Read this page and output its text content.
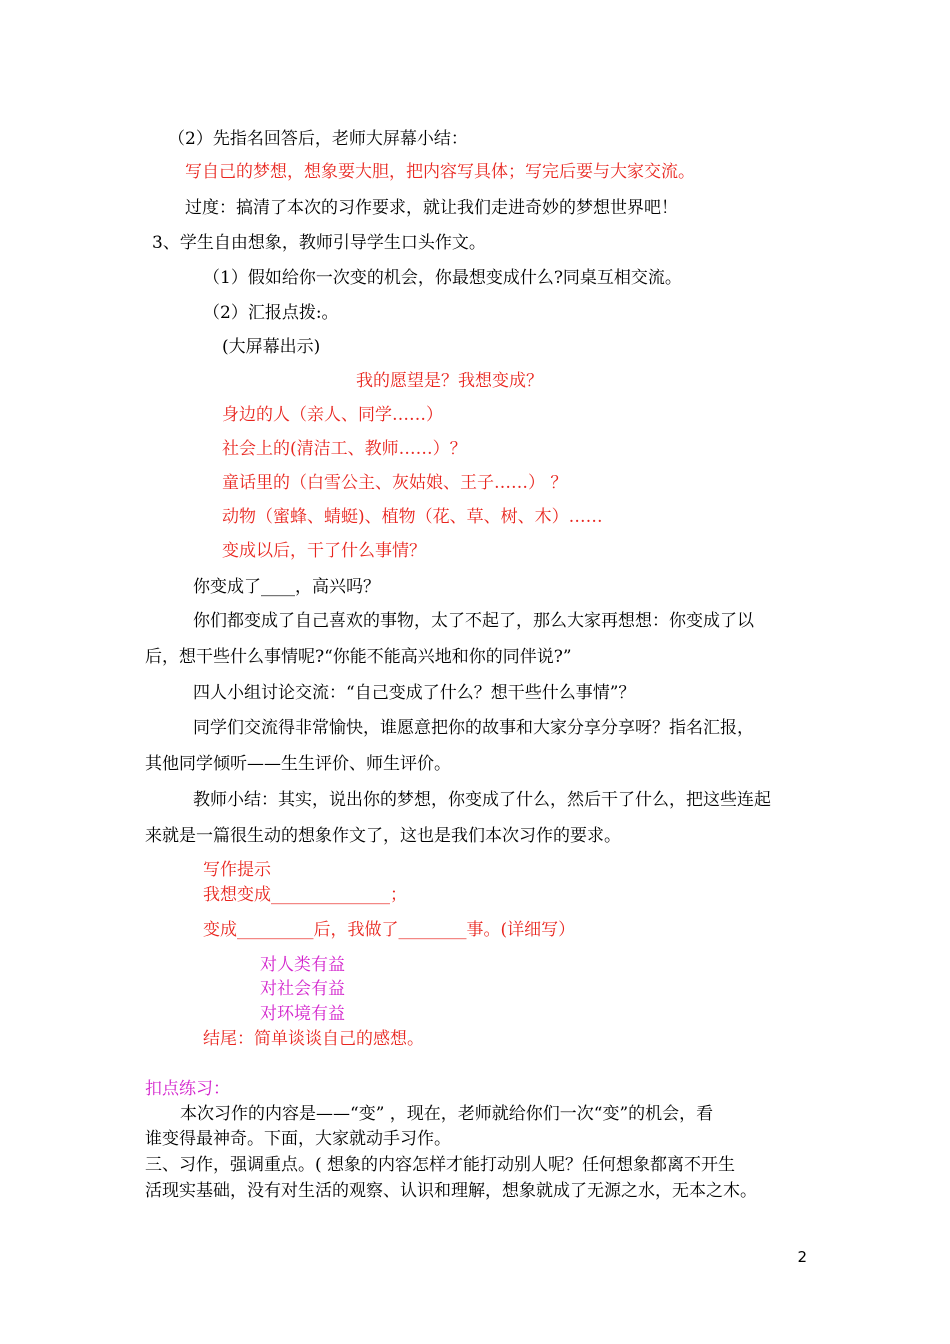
（2）先指名回答后，老师大屏幕小结：
写自己的梦想，想象要大胆，把内容写具体；写完后要与大家交流。
过度：搞清了本次的习作要求，就让我们走进奇妙的梦想世界吧！
3、学生自由想象，教师引导学生口头作文。
（1）假如给你一次变的机会，你最想变成什么?同桌互相交流。
（2）汇报点拨:。
(大屏幕出示)
我的愿望是？我想变成？
身边的人（亲人、同学……）
社会上的(清洁工、教师……）？
童话里的（白雪公主、灰姑娘、王子……） ？
动物（蜜蜂、蜻蜓)、植物（花、草、树、木）……
变成以后，干了什么事情？
你变成了____，高兴吗？
你们都变成了自己喜欢的事物，太了不起了，那么大家再想想：你变成了以
后，想干些什么事情呢?“你能不能高兴地和你的同伴说?”
四人小组讨论交流：“自己变成了什么？想干些什么事情”？
同学们交流得非常愉快，谁愿意把你的故事和大家分享分享呀？指名汇报，
其他同学倾听——生生评价、师生评价。
教师小结：其实，说出你的梦想，你变成了什么，然后干了什么，把这些连起
来就是一篇很生动的想象作文了，这也是我们本次习作的要求。
写作提示
我想变成______________；
变成_________后，我做了________事。(详细写）
对人类有益
对社会有益
对环境有益
结尾：简单谈谈自己的感想。
扣点练习：
本次习作的内容是——“变” ，现在，老师就给你们一次“变”的机会，看
谁变得最神奇。下面，大家就动手习作。
三、习作，强调重点。( 想象的内容怎样才能打动别人呢？任何想象都离不开生
活现实基础，没有对生活的观察、认识和理解，想象就成了无源之水，无本之木。
2
